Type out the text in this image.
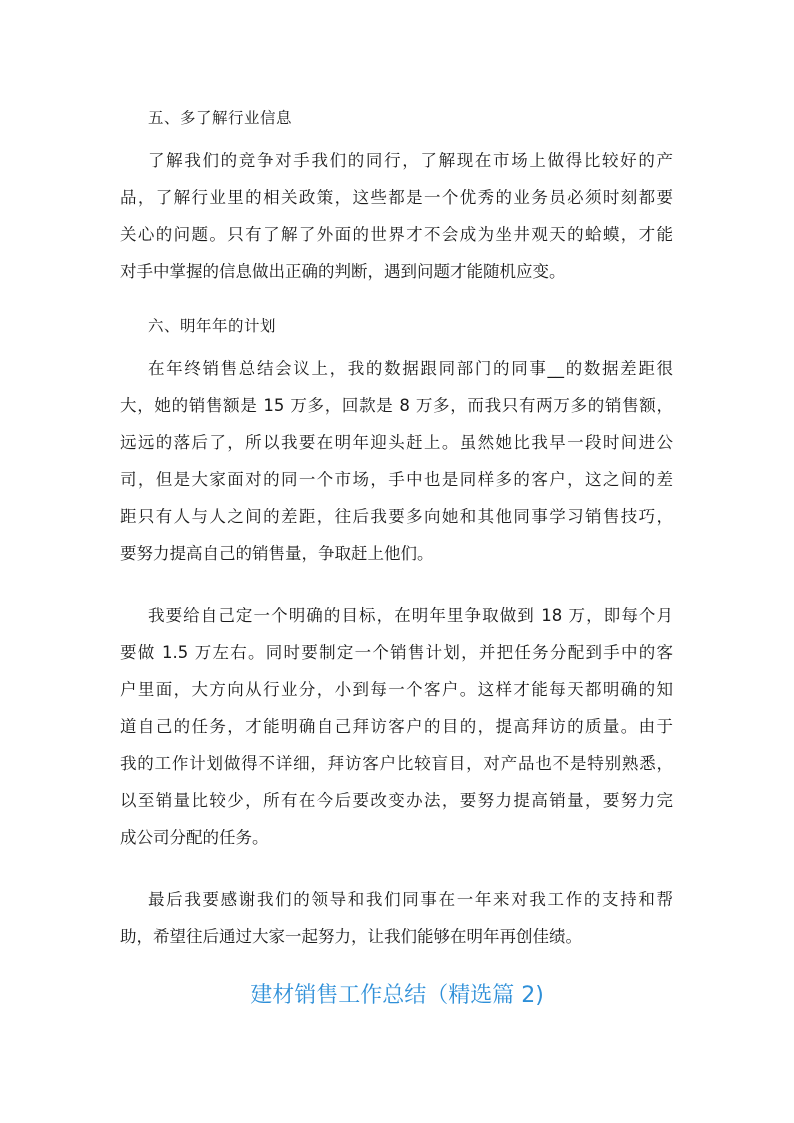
五、多了解行业信息
了解我们的竞争对手我们的同行，了解现在市场上做得比较好的产
品，了解行业里的相关政策，这些都是一个优秀的业务员必须时刻都要
关心的问题。只有了解了外面的世界才不会成为坐井观天的蛤蟆，才能
对手中掌握的信息做出正确的判断，遇到问题才能随机应变。
六、明年年的计划
在年终销售总结会议上，我的数据跟同部门的同事__的数据差距很
大，她的销售额是 15 万多，回款是 8 万多，而我只有两万多的销售额，
远远的落后了，所以我要在明年迎头赶上。虽然她比我早一段时间进公
司，但是大家面对的同一个市场，手中也是同样多的客户，这之间的差
距只有人与人之间的差距，往后我要多向她和其他同事学习销售技巧，
要努力提高自己的销售量，争取赶上他们。
我要给自己定一个明确的目标，在明年里争取做到 18 万，即每个月
要做 1.5 万左右。同时要制定一个销售计划，并把任务分配到手中的客
户里面，大方向从行业分，小到每一个客户。这样才能每天都明确的知
道自己的任务，才能明确自己拜访客户的目的，提高拜访的质量。由于
我的工作计划做得不详细，拜访客户比较盲目，对产品也不是特别熟悉，
以至销量比较少，所有在今后要改变办法，要努力提高销量，要努力完
成公司分配的任务。
最后我要感谢我们的领导和我们同事在一年来对我工作的支持和帮
助，希望往后通过大家一起努力，让我们能够在明年再创佳绩。
建材销售工作总结（精选篇 2)
